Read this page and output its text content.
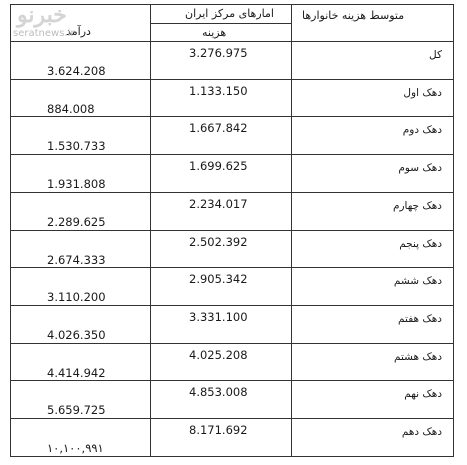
متوسط هزینه خانوارها
امارهای مرکز ایران
هزینه
درآمد
کل
3.276.975
3.624.208
دهک اول
1.133.150
884.008
دهک دوم
1.667.842
1.530.733
دهک سوم
1.699.625
1.931.808
دهک چهارم
2.234.017
2.289.625
دهک پنجم
2.502.392
2.674.333
دهک ششم
2.905.342
3.110.200
دهک هفتم
3.331.100
4.026.350
دهک هشتم
4.025.208
4.414.942
دهک نهم
4.853.008
5.659.725
دهک دهم
8.171.692
۱۰,۱۰۰,۹۹۱
خبرنو
seratnews.ir
